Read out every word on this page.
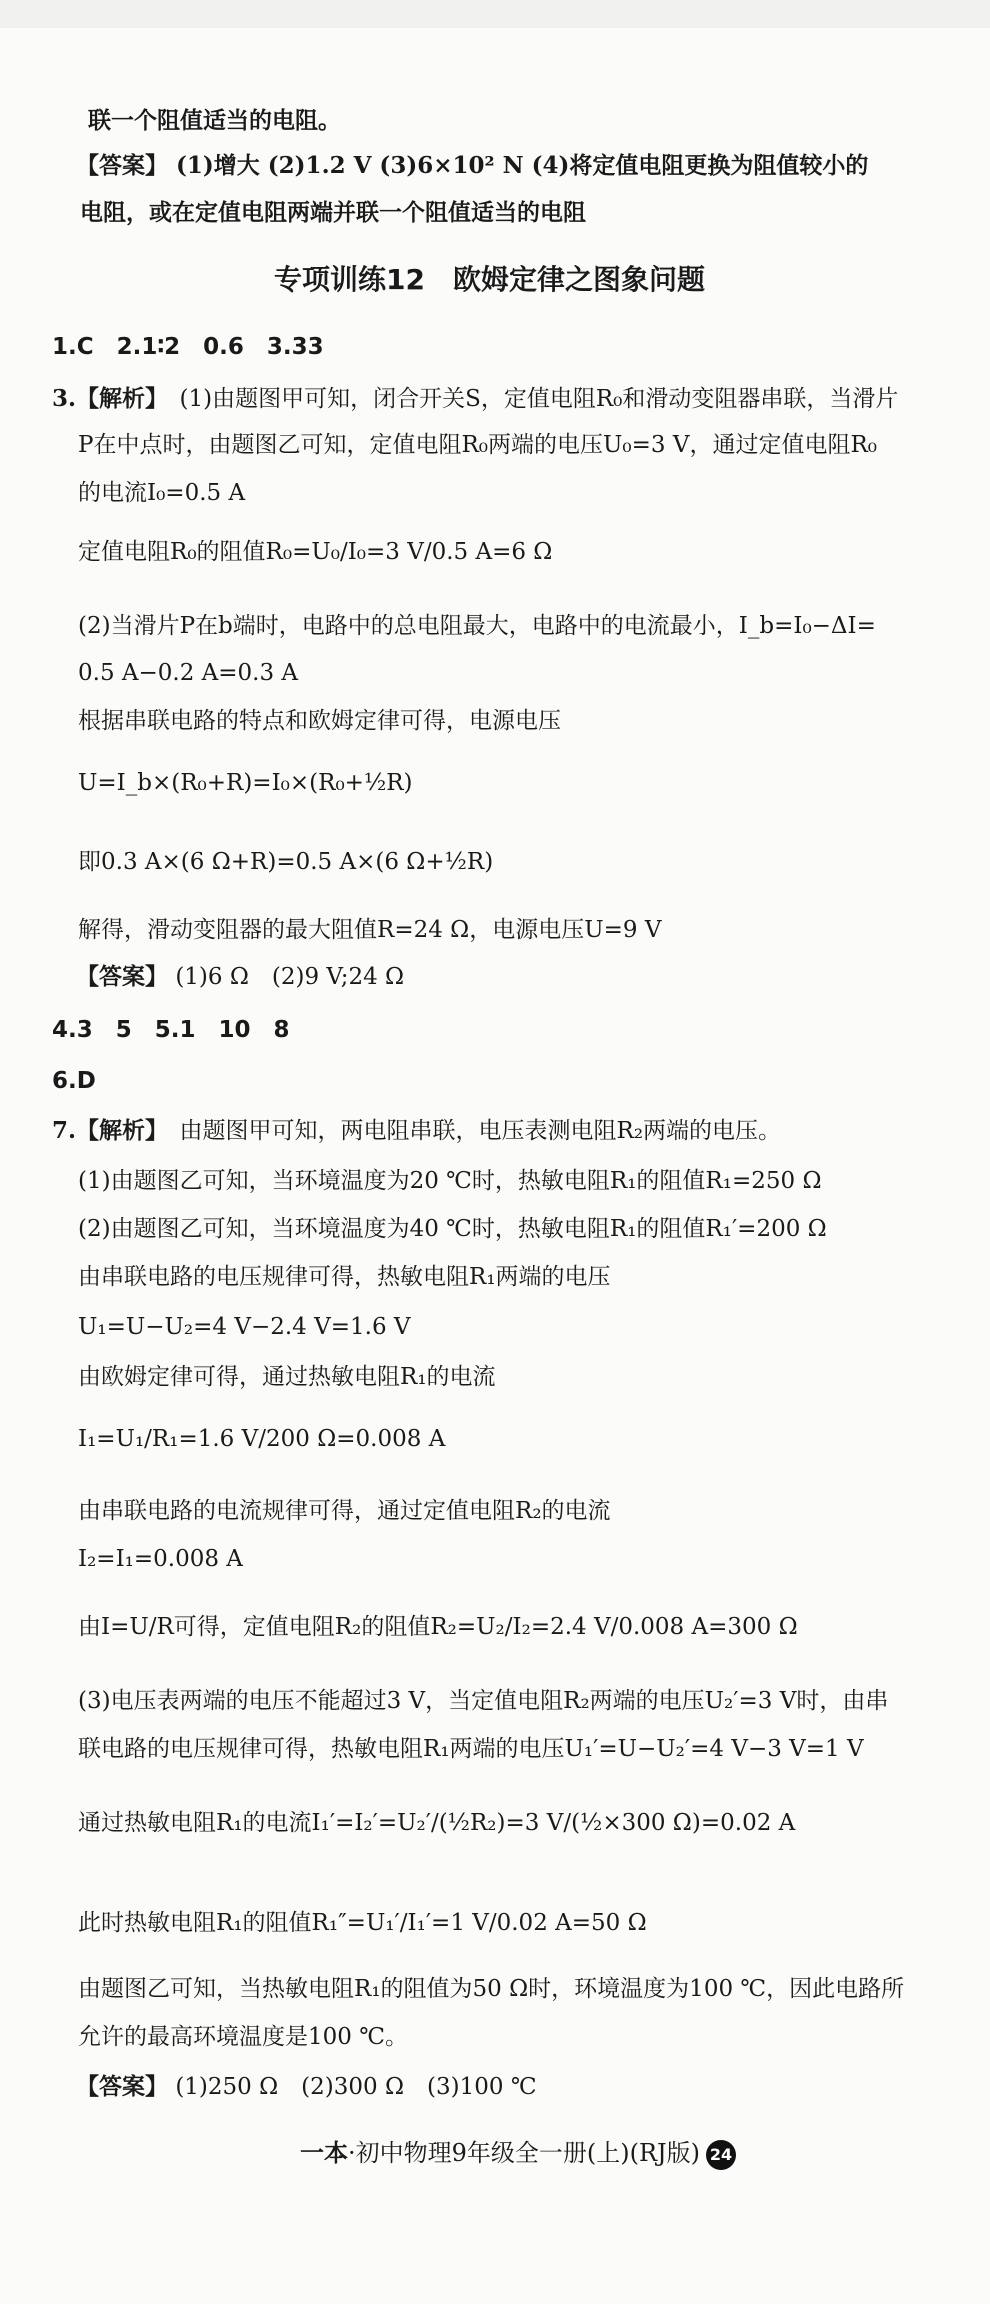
联一个阻值适当的电阻。
【答案】 (1)增大 (2)1.2 V (3)6×10² N (4)将定值电阻更换为阻值较小的
电阻，或在定值电阻两端并联一个阻值适当的电阻
专项训练12　欧姆定律之图象问题
1.C　2.1∶2　0.6　3.33
3.【解析】　 (1)由题图甲可知，闭合开关S，定值电阻R₀和滑动变阻器串联，当滑片
P在中点时，由题图乙可知，定值电阻R₀两端的电压U₀=3 V，通过定值电阻R₀
的电流I₀=0.5 A
定值电阻R₀的阻值R₀=U₀/I₀=3 V/0.5 A=6 Ω
(2)当滑片P在b端时，电路中的总电阻最大，电路中的电流最小，I_b=I₀−ΔI=
0.5 A−0.2 A=0.3 A
根据串联电路的特点和欧姆定律可得，电源电压
U=I_b×(R₀+R)=I₀×(R₀+½R)
即0.3 A×(6 Ω+R)=0.5 A×(6 Ω+½R)
解得，滑动变阻器的最大阻值R=24 Ω，电源电压U=9 V
【答案】 (1)6 Ω　(2)9 V;24 Ω
4.3　5　5.1　10　8
6.D
7.【解析】　 由题图甲可知，两电阻串联，电压表测电阻R₂两端的电压。
(1)由题图乙可知，当环境温度为20 ℃时，热敏电阻R₁的阻值R₁=250 Ω
(2)由题图乙可知，当环境温度为40 ℃时，热敏电阻R₁的阻值R₁′=200 Ω
由串联电路的电压规律可得，热敏电阻R₁两端的电压
U₁=U−U₂=4 V−2.4 V=1.6 V
由欧姆定律可得，通过热敏电阻R₁的电流
I₁=U₁/R₁=1.6 V/200 Ω=0.008 A
由串联电路的电流规律可得，通过定值电阻R₂的电流
I₂=I₁=0.008 A
由I=U/R可得，定值电阻R₂的阻值R₂=U₂/I₂=2.4 V/0.008 A=300 Ω
(3)电压表两端的电压不能超过3 V，当定值电阻R₂两端的电压U₂′=3 V时，由串
联电路的电压规律可得，热敏电阻R₁两端的电压U₁′=U−U₂′=4 V−3 V=1 V
通过热敏电阻R₁的电流I₁′=I₂′=U₂′/(½R₂)=3 V/(½×300 Ω)=0.02 A
此时热敏电阻R₁的阻值R₁″=U₁′/I₁′=1 V/0.02 A=50 Ω
由题图乙可知，当热敏电阻R₁的阻值为50 Ω时，环境温度为100 ℃，因此电路所
允许的最高环境温度是100 ℃。
【答案】 (1)250 Ω　(2)300 Ω　(3)100 ℃
一本·初中物理9年级全一册(上)(RJ版) 24
